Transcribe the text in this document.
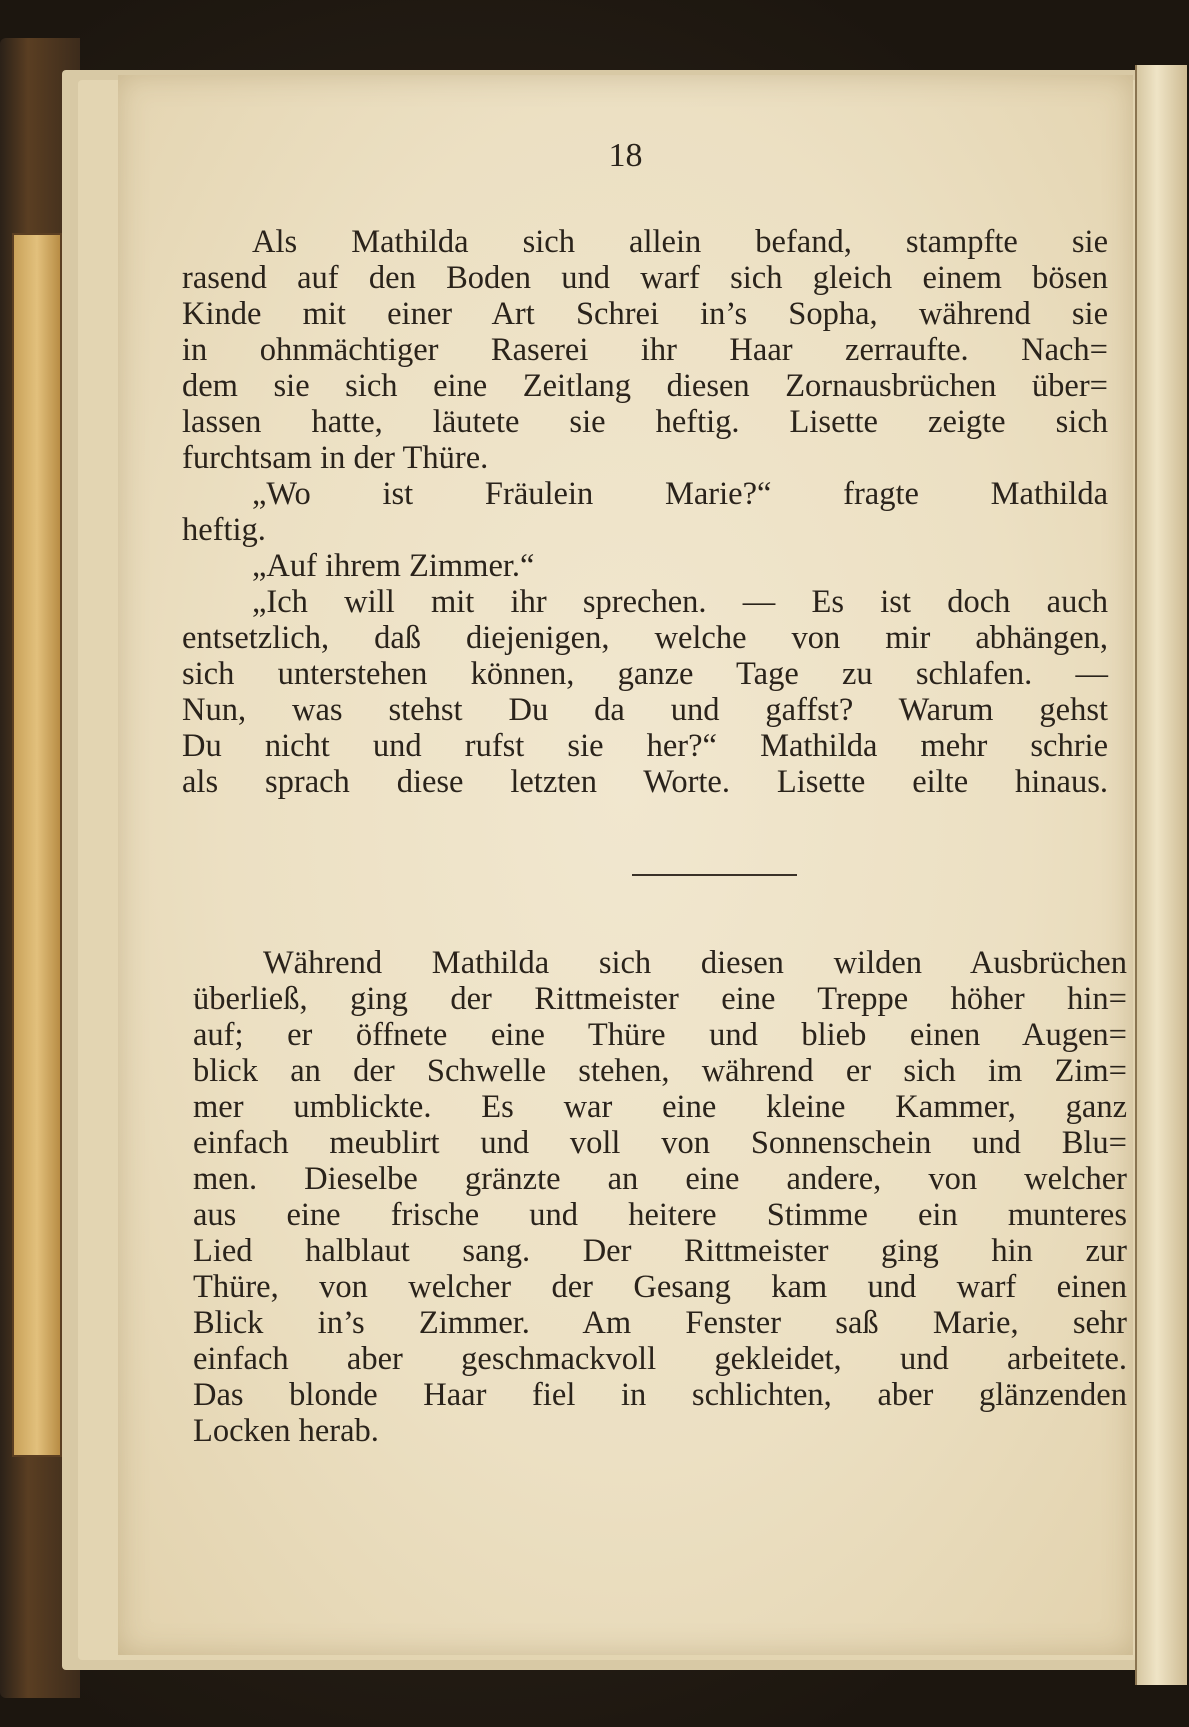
18
Als Mathilda sich allein befand, stampfte sie
rasend auf den Boden und warf sich gleich einem bösen
Kinde mit einer Art Schrei in’s Sopha, während sie
in ohnmächtiger Raserei ihr Haar zerraufte. Nach=
dem sie sich eine Zeitlang diesen Zornausbrüchen über=
lassen hatte, läutete sie heftig. Lisette zeigte sich
furchtsam in der Thüre.
„Wo ist Fräulein Marie?“ fragte Mathilda
heftig.
„Auf ihrem Zimmer.“
„Ich will mit ihr sprechen. — Es ist doch auch
entsetzlich, daß diejenigen, welche von mir abhängen,
sich unterstehen können, ganze Tage zu schlafen. —
Nun, was stehst Du da und gaffst? Warum gehst
Du nicht und rufst sie her?“ Mathilda mehr schrie
als sprach diese letzten Worte. Lisette eilte hinaus.
Während Mathilda sich diesen wilden Ausbrüchen
überließ, ging der Rittmeister eine Treppe höher hin=
auf; er öffnete eine Thüre und blieb einen Augen=
blick an der Schwelle stehen, während er sich im Zim=
mer umblickte. Es war eine kleine Kammer, ganz
einfach meublirt und voll von Sonnenschein und Blu=
men. Dieselbe gränzte an eine andere, von welcher
aus eine frische und heitere Stimme ein munteres
Lied halblaut sang. Der Rittmeister ging hin zur
Thüre, von welcher der Gesang kam und warf einen
Blick in’s Zimmer. Am Fenster saß Marie, sehr
einfach aber geschmackvoll gekleidet, und arbeitete.
Das blonde Haar fiel in schlichten, aber glänzenden
Locken herab.
